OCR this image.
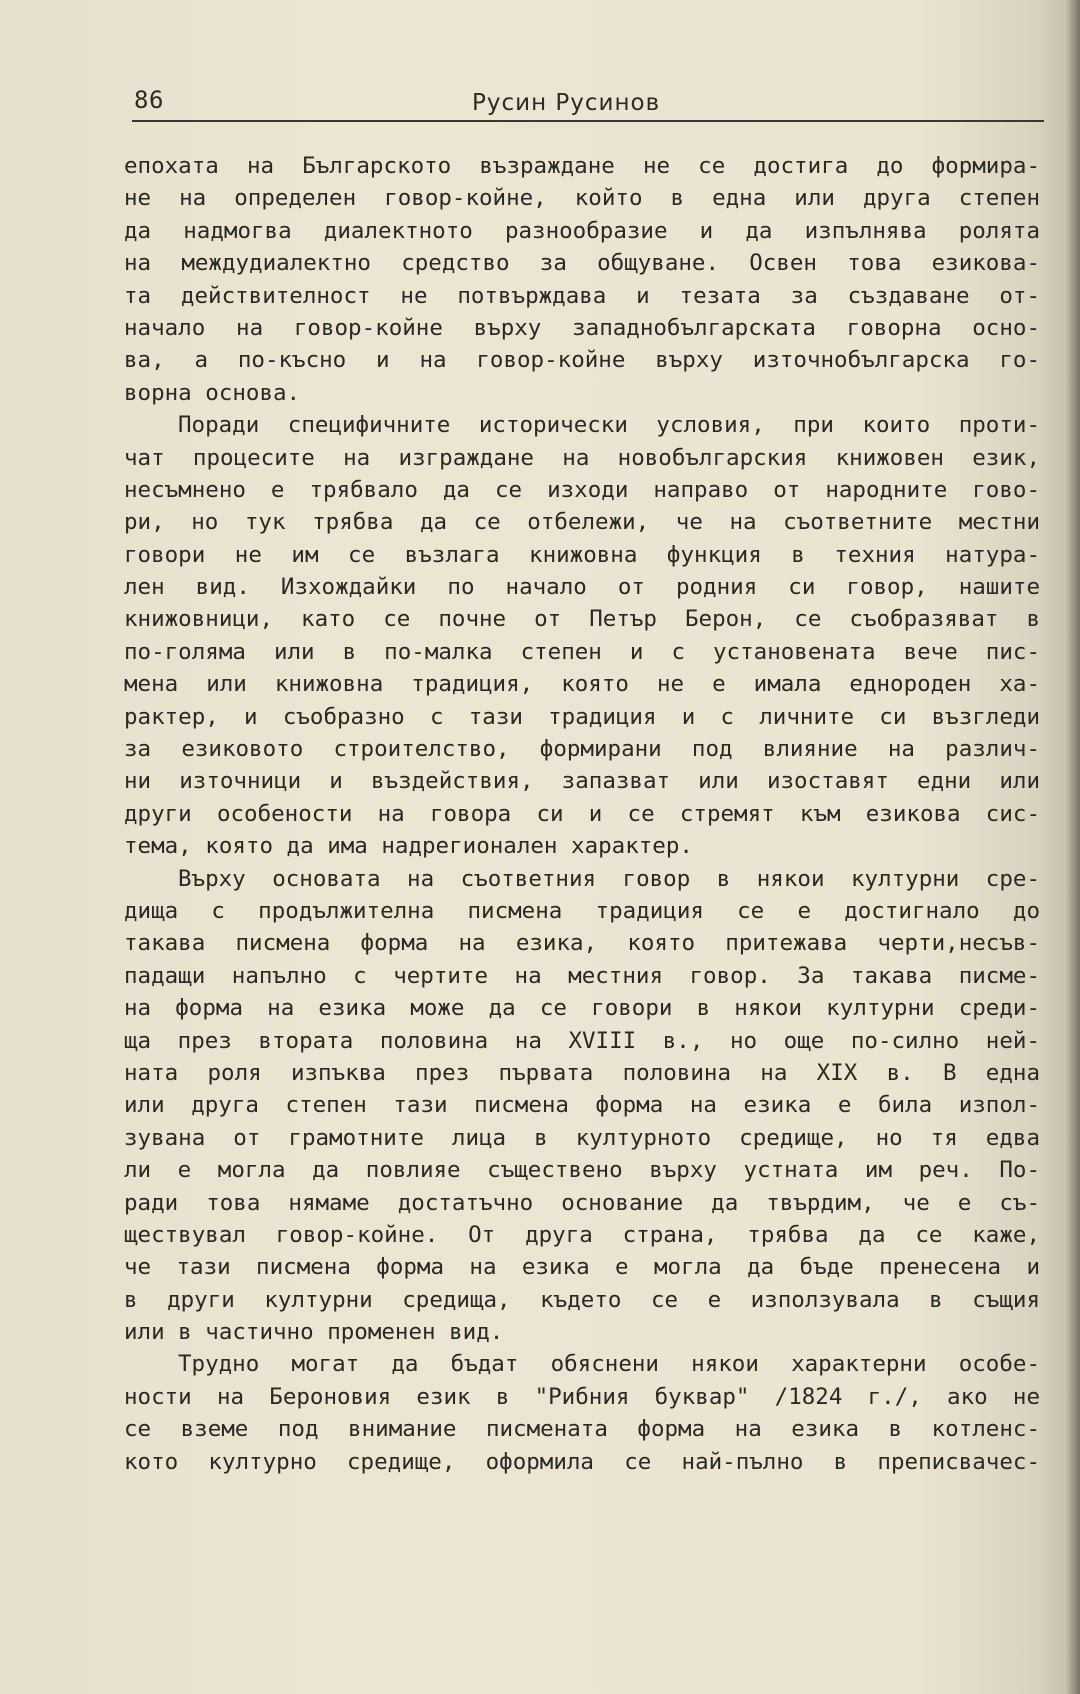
86	Русин Русинов
епохата на Българското възраждане не се достига до формира-
не на определен говор-койне, който в една или друга степен
да надмогва диалектното разнообразие и да изпълнява ролята
на междудиалектно средство за общуване. Освен това езикова-
та действителност не потвърждава и тезата за създаване от-
начало на говор-койне върху западнобългарската говорна осно-
ва, а по-късно и на говор-койне върху източнобългарска го-
ворна основа.
Поради специфичните исторически условия, при които проти-
чат процесите на изграждане на новобългарския книжовен език,
несъмнено е трябвало да се изходи направо от народните гово-
ри, но тук трябва да се отбележи, че на съответните местни
говори не им се възлага книжовна функция в техния натура-
лен вид. Изхождайки по начало от родния си говор, нашите
книжовници, като се почне от Петър Берон, се съобразяват в
по-голяма или в по-малка степен и с установената вече пис-
мена или книжовна традиция, която не е имала еднороден ха-
рактер, и съобразно с тази традиция и с личните си възгледи
за езиковото строителство, формирани под влияние на различ-
ни източници и въздействия, запазват или изоставят едни или
други особености на говора си и се стремят към езикова сис-
тема, която да има надрегионален характер.
Върху основата на съответния говор в някои културни сре-
дища с продължителна писмена традиция се е достигнало до
такава писмена форма на езика, която притежава черти,несъв-
падащи напълно с чертите на местния говор. За такава писме-
на форма на езика може да се говори в някои културни среди-
ща през втората половина на XVIII в., но още по-силно ней-
ната роля изпъква през първата половина на XIX в. В една
или друга степен тази писмена форма на езика е била изпол-
зувана от грамотните лица в културното средище, но тя едва
ли е могла да повлияе съществено върху устната им реч. По-
ради това нямаме достатъчно основание да твърдим, че е съ-
ществувал говор-койне. От друга страна, трябва да се каже,
че тази писмена форма на езика е могла да бъде пренесена и
в други културни средища, където се е използувала в същия
или в частично променен вид.
Трудно могат да бъдат обяснени някои характерни особе-
ности на Бероновия език в "Рибния буквар" /1824 г./, ако не
се вземе под внимание писмената форма на езика в котленс-
кото културно средище, оформила се най-пълно в преписвачес-
